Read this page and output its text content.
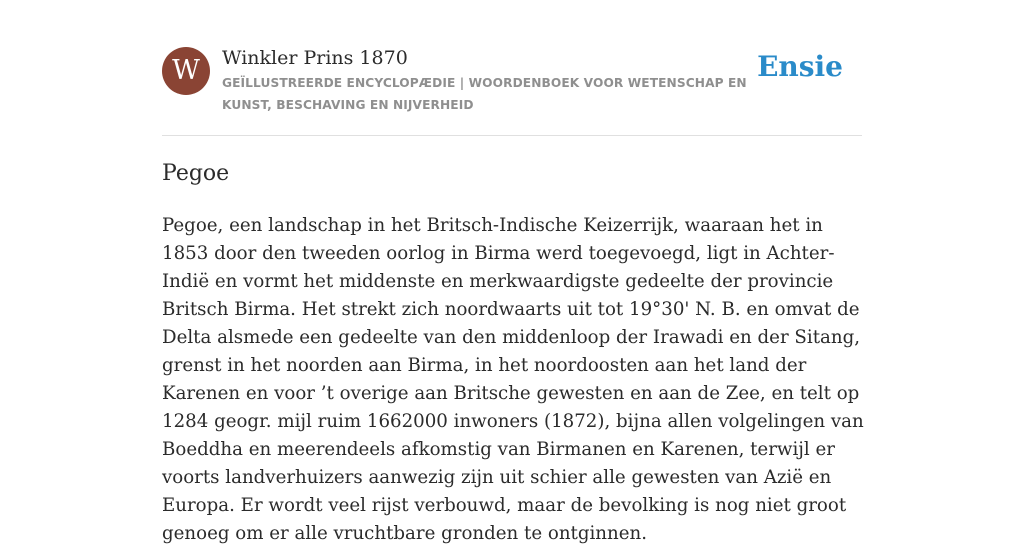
W	Winkler Prins 1870
GEÏLLUSTREERDE ENCYCLOPÆDIE | WOORDENBOEK VOOR WETENSCHAP EN KUNST, BESCHAVING EN NIJVERHEID
Ensie
Pegoe

Pegoe, een landschap in het Britsch-Indische Keizerrijk, waaraan het in 1853 door den tweeden oorlog in Birma werd toegevoegd, ligt in Achter-Indië en vormt het middenste en merkwaardigste gedeelte der provincie Britsch Birma. Het strekt zich noordwaarts uit tot 19°30' N. B. en omvat de Delta alsmede een gedeelte van den middenloop der Irawadi en der Sitang, grenst in het noorden aan Birma, in het noordoosten aan het land der Karenen en voor ’t overige aan Britsche gewesten en aan de Zee, en telt op 1284 geogr. mijl ruim 1662000 inwoners (1872), bijna allen volgelingen van Boeddha en meerendeels afkomstig van Birmanen en Karenen, terwijl er voorts landverhuizers aanwezig zijn uit schier alle gewesten van Azië en Europa. Er wordt veel rijst verbouwd, maar de bevolking is nog niet groot genoeg om er alle vruchtbare gronden te ontginnen.
